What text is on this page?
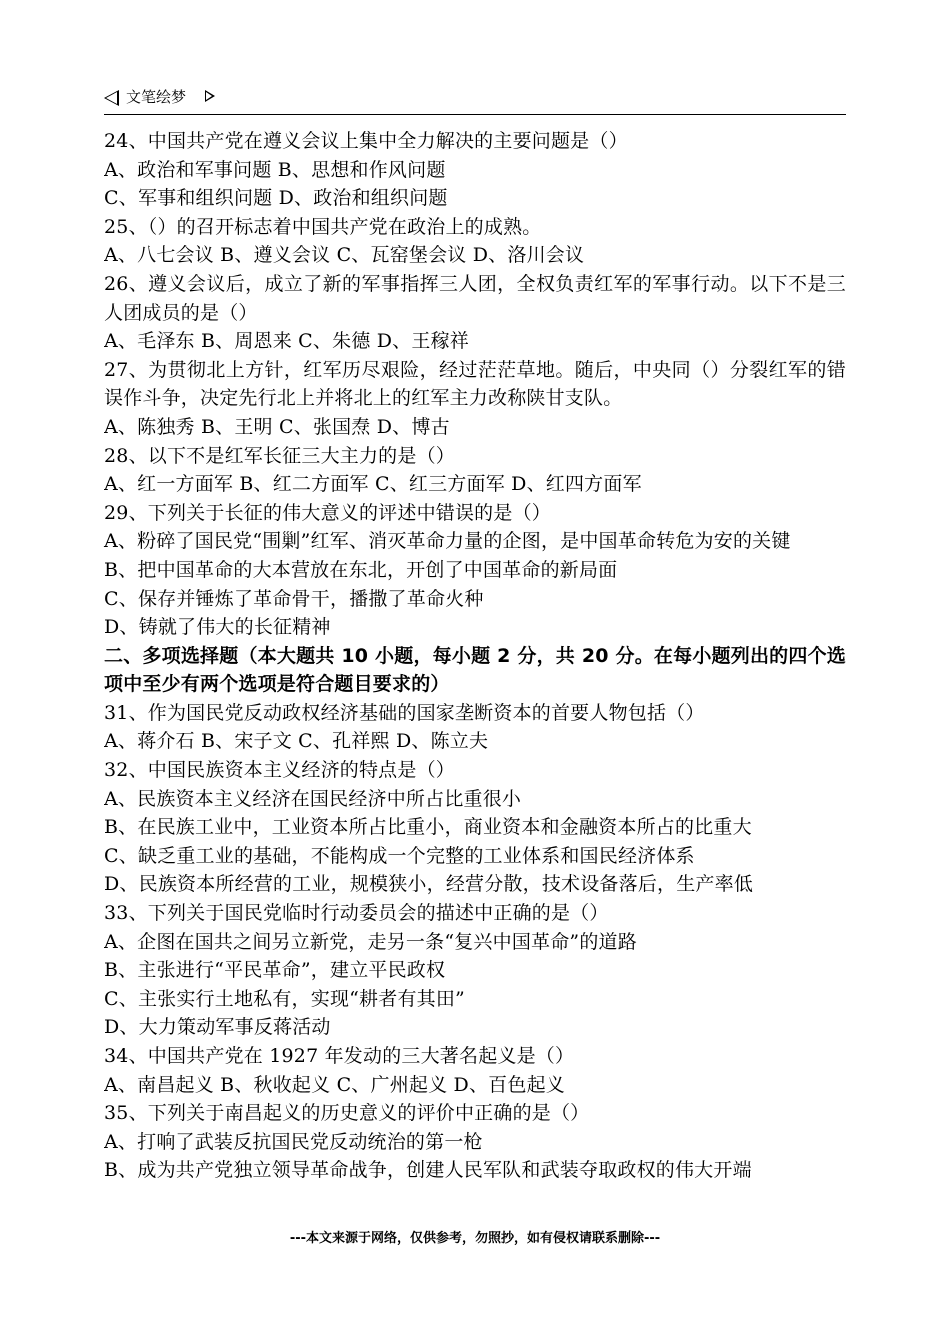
文笔绘梦
24、中国共产党在遵义会议上集中全力解决的主要问题是（）
A、政治和军事问题 B、思想和作风问题
C、军事和组织问题 D、政治和组织问题
25、（）的召开标志着中国共产党在政治上的成熟。
A、八七会议 B、遵义会议 C、瓦窑堡会议 D、洛川会议
26、遵义会议后，成立了新的军事指挥三人团，全权负责红军的军事行动。以下不是三人团成员的是（）
A、毛泽东 B、周恩来 C、朱德 D、王稼祥
27、为贯彻北上方针，红军历尽艰险，经过茫茫草地。随后，中央同（）分裂红军的错误作斗争，决定先行北上并将北上的红军主力改称陕甘支队。
A、陈独秀 B、王明 C、张国焘 D、博古
28、以下不是红军长征三大主力的是（）
A、红一方面军 B、红二方面军 C、红三方面军 D、红四方面军
29、下列关于长征的伟大意义的评述中错误的是（）
A、粉碎了国民党“围剿”红军、消灭革命力量的企图，是中国革命转危为安的关键
B、把中国革命的大本营放在东北，开创了中国革命的新局面
C、保存并锤炼了革命骨干，播撒了革命火种
D、铸就了伟大的长征精神
二、多项选择题（本大题共 10 小题，每小题 2 分，共 20 分。在每小题列出的四个选项中至少有两个选项是符合题目要求的）
31、作为国民党反动政权经济基础的国家垄断资本的首要人物包括（）
A、蒋介石 B、宋子文 C、孔祥熙 D、陈立夫
32、中国民族资本主义经济的特点是（）
A、民族资本主义经济在国民经济中所占比重很小
B、在民族工业中，工业资本所占比重小，商业资本和金融资本所占的比重大
C、缺乏重工业的基础，不能构成一个完整的工业体系和国民经济体系
D、民族资本所经营的工业，规模狭小，经营分散，技术设备落后，生产率低
33、下列关于国民党临时行动委员会的描述中正确的是（）
A、企图在国共之间另立新党，走另一条“复兴中国革命”的道路
B、主张进行“平民革命”，建立平民政权
C、主张实行土地私有，实现“耕者有其田”
D、大力策动军事反蒋活动
34、中国共产党在 1927 年发动的三大著名起义是（）
A、南昌起义 B、秋收起义 C、广州起义 D、百色起义
35、下列关于南昌起义的历史意义的评价中正确的是（）
A、打响了武装反抗国民党反动统治的第一枪
B、成为共产党独立领导革命战争，创建人民军队和武装夺取政权的伟大开端
---本文来源于网络，仅供参考，勿照抄，如有侵权请联系删除---
